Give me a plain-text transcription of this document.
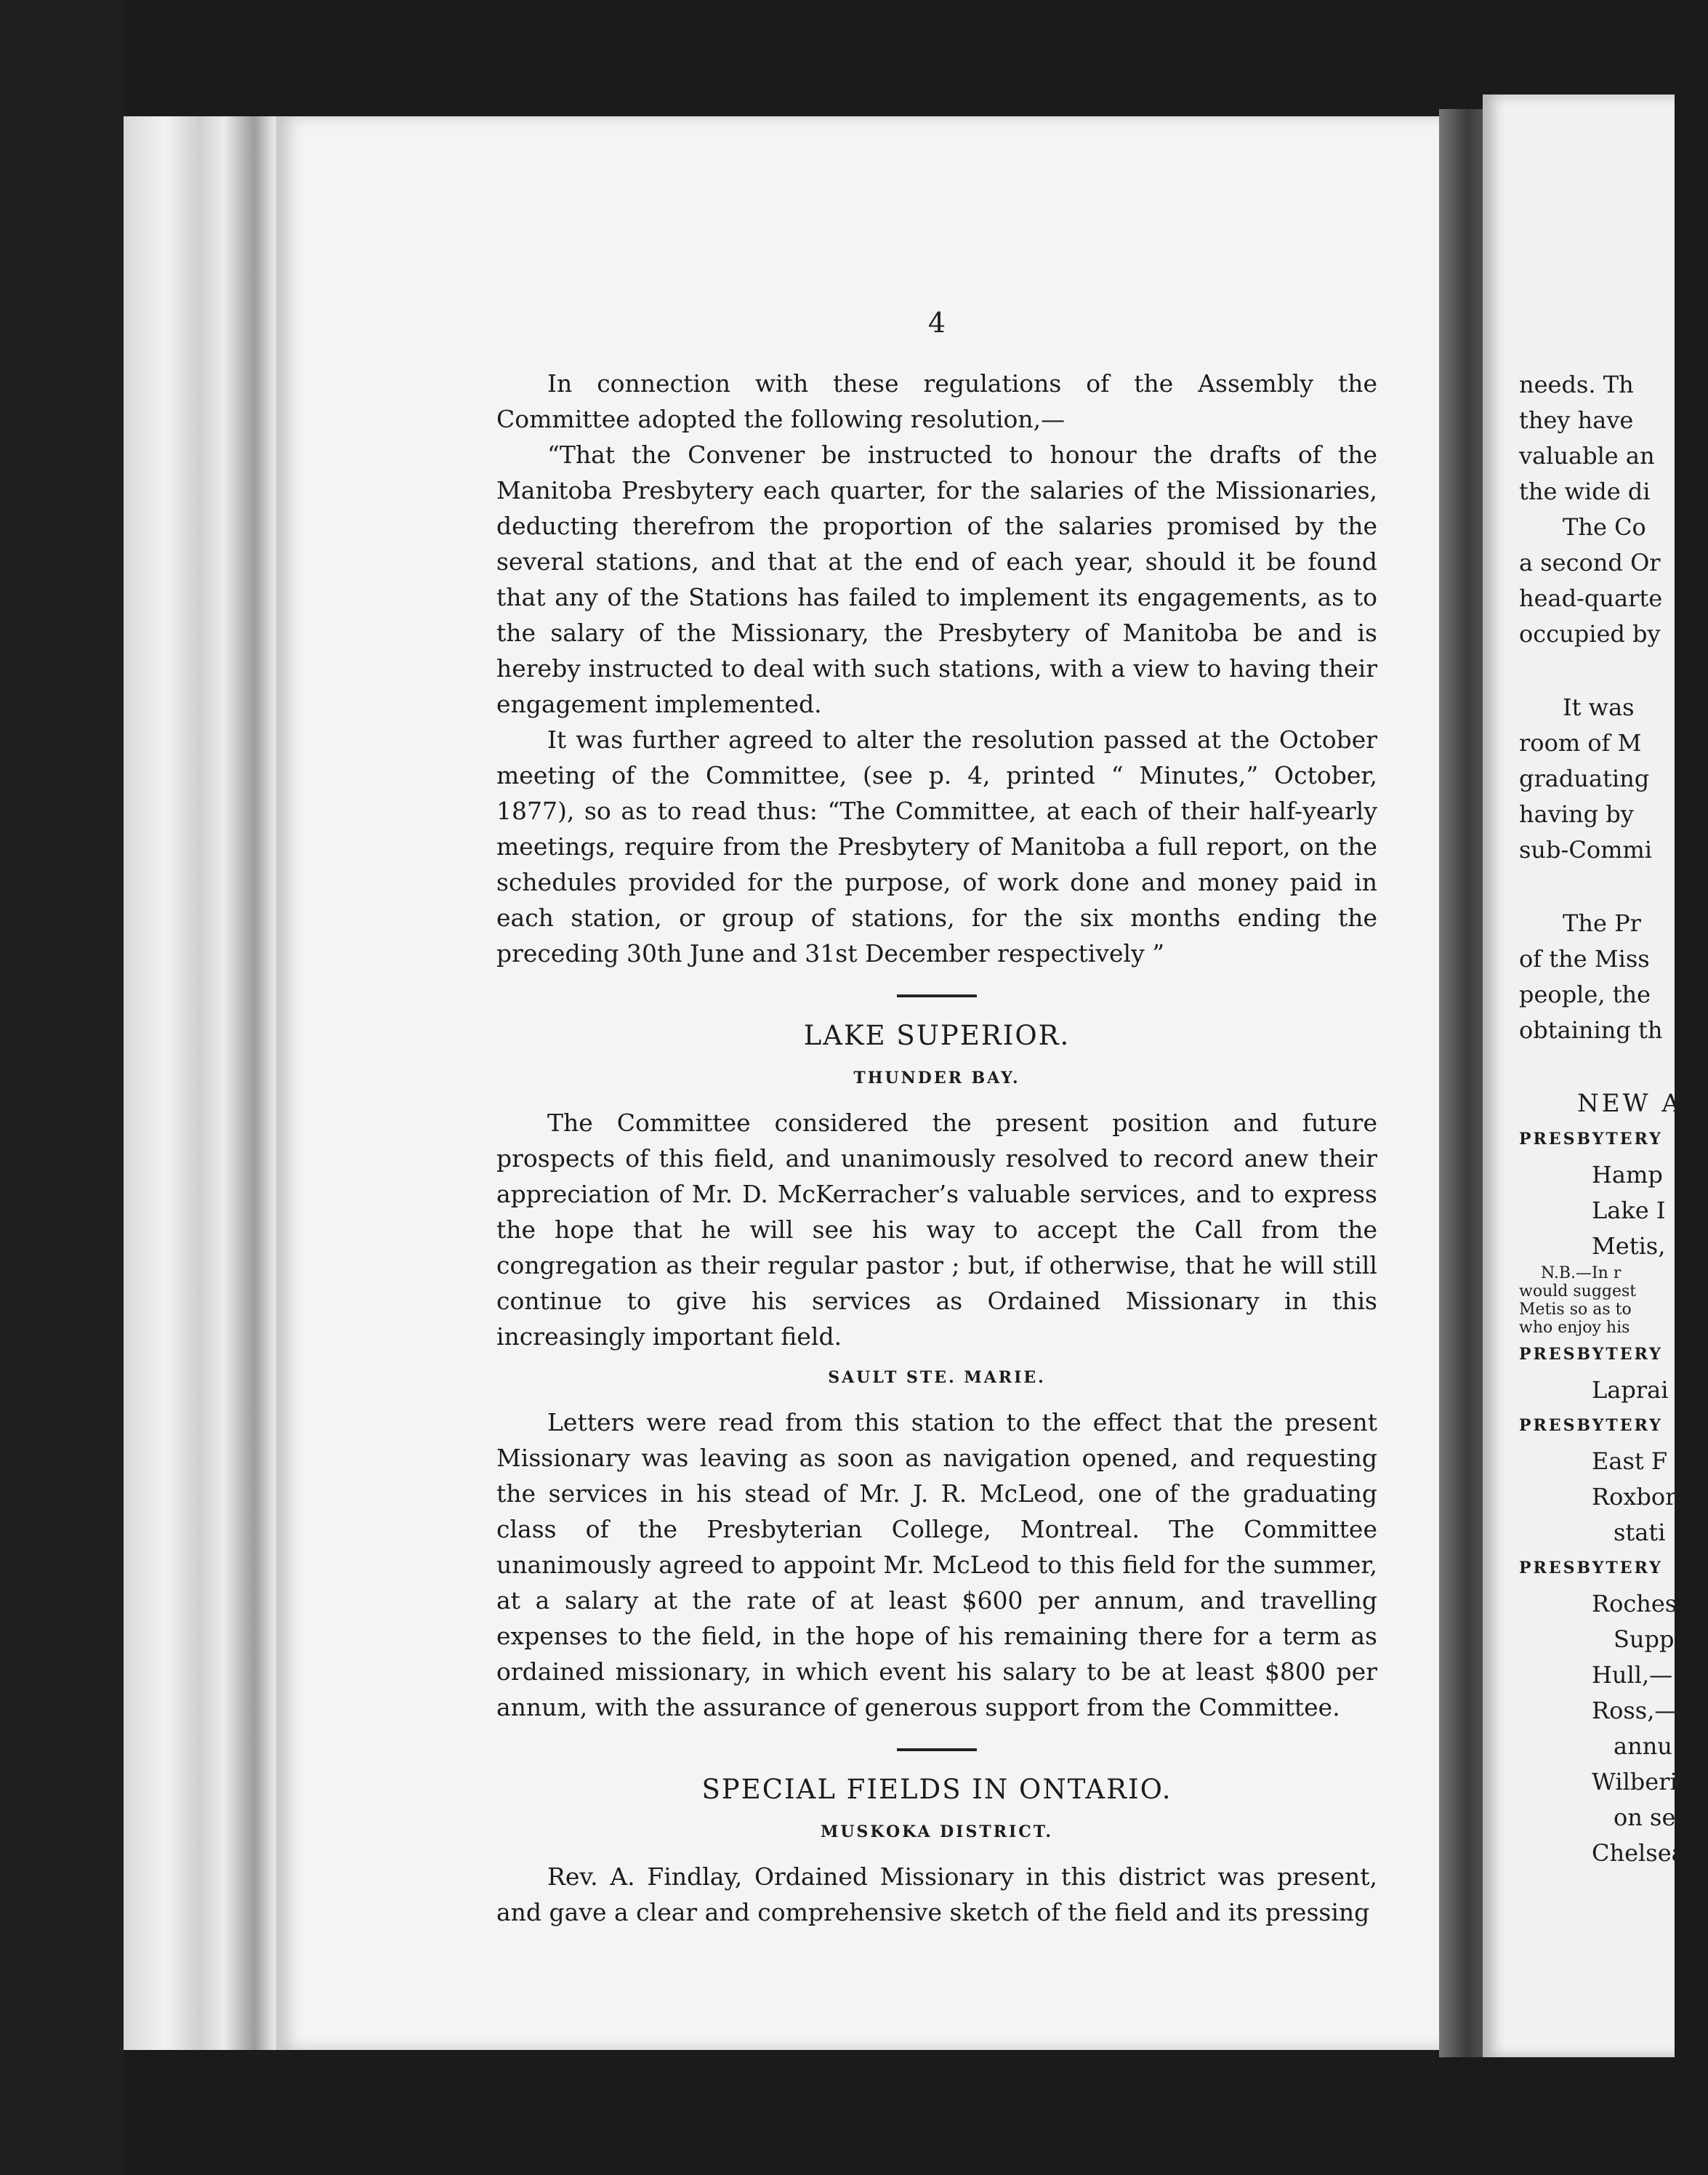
4

In connection with these regulations of the Assembly the Committee adopted the following resolution,—

“That the Convener be instructed to honour the drafts of the Manitoba Presbytery each quarter, for the salaries of the Missionaries, deducting therefrom the proportion of the salaries promised by the several stations, and that at the end of each year, should it be found that any of the Stations has failed to implement its engagements, as to the salary of the Missionary, the Presbytery of Manitoba be and is hereby instructed to deal with such stations, with a view to having their engagement implemented.

It was further agreed to alter the resolution passed at the October meeting of the Committee, (see p. 4, printed “ Minutes,” October, 1877), so as to read thus: “The Committee, at each of their half-yearly meetings, require from the Presbytery of Manitoba a full report, on the schedules provided for the purpose, of work done and money paid in each station, or group of stations, for the six months ending the preceding 30th June and 31st December respectively ”

LAKE SUPERIOR.
THUNDER BAY.

The Committee considered the present position and future prospects of this field, and unanimously resolved to record anew their appreciation of Mr. D. McKerracher’s valuable services, and to express the hope that he will see his way to accept the Call from the congregation as their regular pastor ; but, if otherwise, that he will still continue to give his services as Ordained Missionary in this increasingly important field.

SAULT STE. MARIE.

Letters were read from this station to the effect that the present Missionary was leaving as soon as navigation opened, and requesting the services in his stead of Mr. J. R. McLeod, one of the graduating class of the Presbyterian College, Montreal. The Committee unanimously agreed to appoint Mr. McLeod to this field for the summer, at a salary at the rate of at least $600 per annum, and travelling expenses to the field, in the hope of his remaining there for a term as ordained missionary, in which event his salary to be at least $800 per annum, with the assurance of generous support from the Committee.

SPECIAL FIELDS IN ONTARIO.
MUSKOKA DISTRICT.

Rev. A. Findlay, Ordained Missionary in this district was present, and gave a clear and comprehensive sketch of the field and its pressing

needs. Th
they have
valuable an
the wide di
The Co
a second Or
head-quarte
occupied by
It was
room of M
graduating
having by
sub-Commi
The Pr
of the Miss
people, the
obtaining th
NEW A
PRESBYTERY
Hamp
Lake I
Metis,
N.B.—In r
would suggest
Metis so as to
who enjoy his
PRESBYTERY
Laprai
PRESBYTERY
East F
Roxbor
stati
PRESBYTERY
Roches
Supp
Hull,—
Ross,—
annu
Wilberi
on se
Chelsea
